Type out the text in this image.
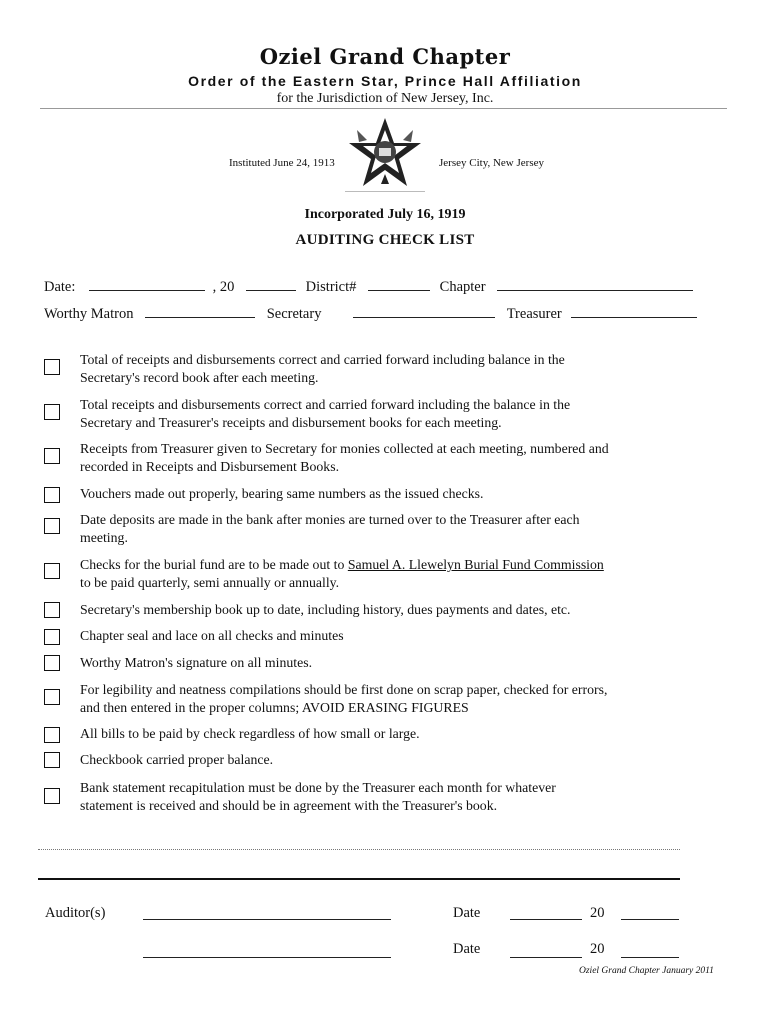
Oziel Grand Chapter
Order of the Eastern Star, Prince Hall Affiliation
for the Jurisdiction of New Jersey, Inc.
Instituted June 24, 1913	Jersey City, New Jersey
Incorporated July 16, 1919
AUDITING CHECK LIST
Date:	, 20	District#	Chapter
Worthy Matron	Secretary	Treasurer
Total of receipts and disbursements correct and carried forward including balance in the
Secretary's record book after each meeting.
Total receipts and disbursements correct and carried forward including the balance in the
Secretary and Treasurer's receipts and disbursement books for each meeting.
Receipts from Treasurer given to Secretary for monies collected at each meeting, numbered and
recorded in Receipts and Disbursement Books.
Vouchers made out properly, bearing same numbers as the issued checks.
Date deposits are made in the bank after monies are turned over to the Treasurer after each
meeting.
Checks for the burial fund are to be made out to Samuel A. Llewelyn Burial Fund Commission
to be paid quarterly, semi annually or annually.
Secretary's membership book up to date, including history, dues payments and dates, etc.
Chapter seal and lace on all checks and minutes
Worthy Matron's signature on all minutes.
For legibility and neatness compilations should be first done on scrap paper, checked for errors,
and then entered in the proper columns; AVOID ERASING FIGURES
All bills to be paid by check regardless of how small or large.
Checkbook carried proper balance.
Bank statement recapitulation must be done by the Treasurer each month for whatever
statement is received and should be in agreement with the Treasurer's book.
Auditor(s)	Date	20
Date	20
Oziel Grand Chapter January 2011
